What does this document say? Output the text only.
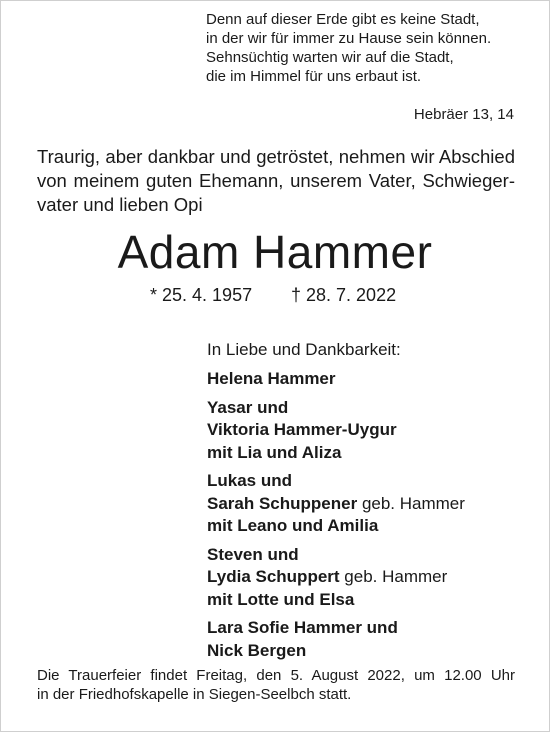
Denn auf dieser Erde gibt es keine Stadt,
in der wir für immer zu Hause sein können.
Sehnsüchtig warten wir auf die Stadt,
die im Himmel für uns erbaut ist.
Hebräer 13, 14
Traurig, aber dankbar und getröstet, nehmen wir Abschied
von meinem guten Ehemann, unserem Vater, Schwieger-
vater und lieben Opi
Adam Hammer
* 25. 4. 1957 † 28. 7. 2022
In Liebe und Dankbarkeit:
Helena Hammer
Yasar und
Viktoria Hammer-Uygur
mit Lia und Aliza
Lukas und
Sarah Schuppener geb. Hammer
mit Leano und Amilia
Steven und
Lydia Schuppert geb. Hammer
mit Lotte und Elsa
Lara Sofie Hammer und
Nick Bergen
Die Trauerfeier findet Freitag, den 5. August 2022, um 12.00 Uhr
in der Friedhofskapelle in Siegen-Seelbch statt.
